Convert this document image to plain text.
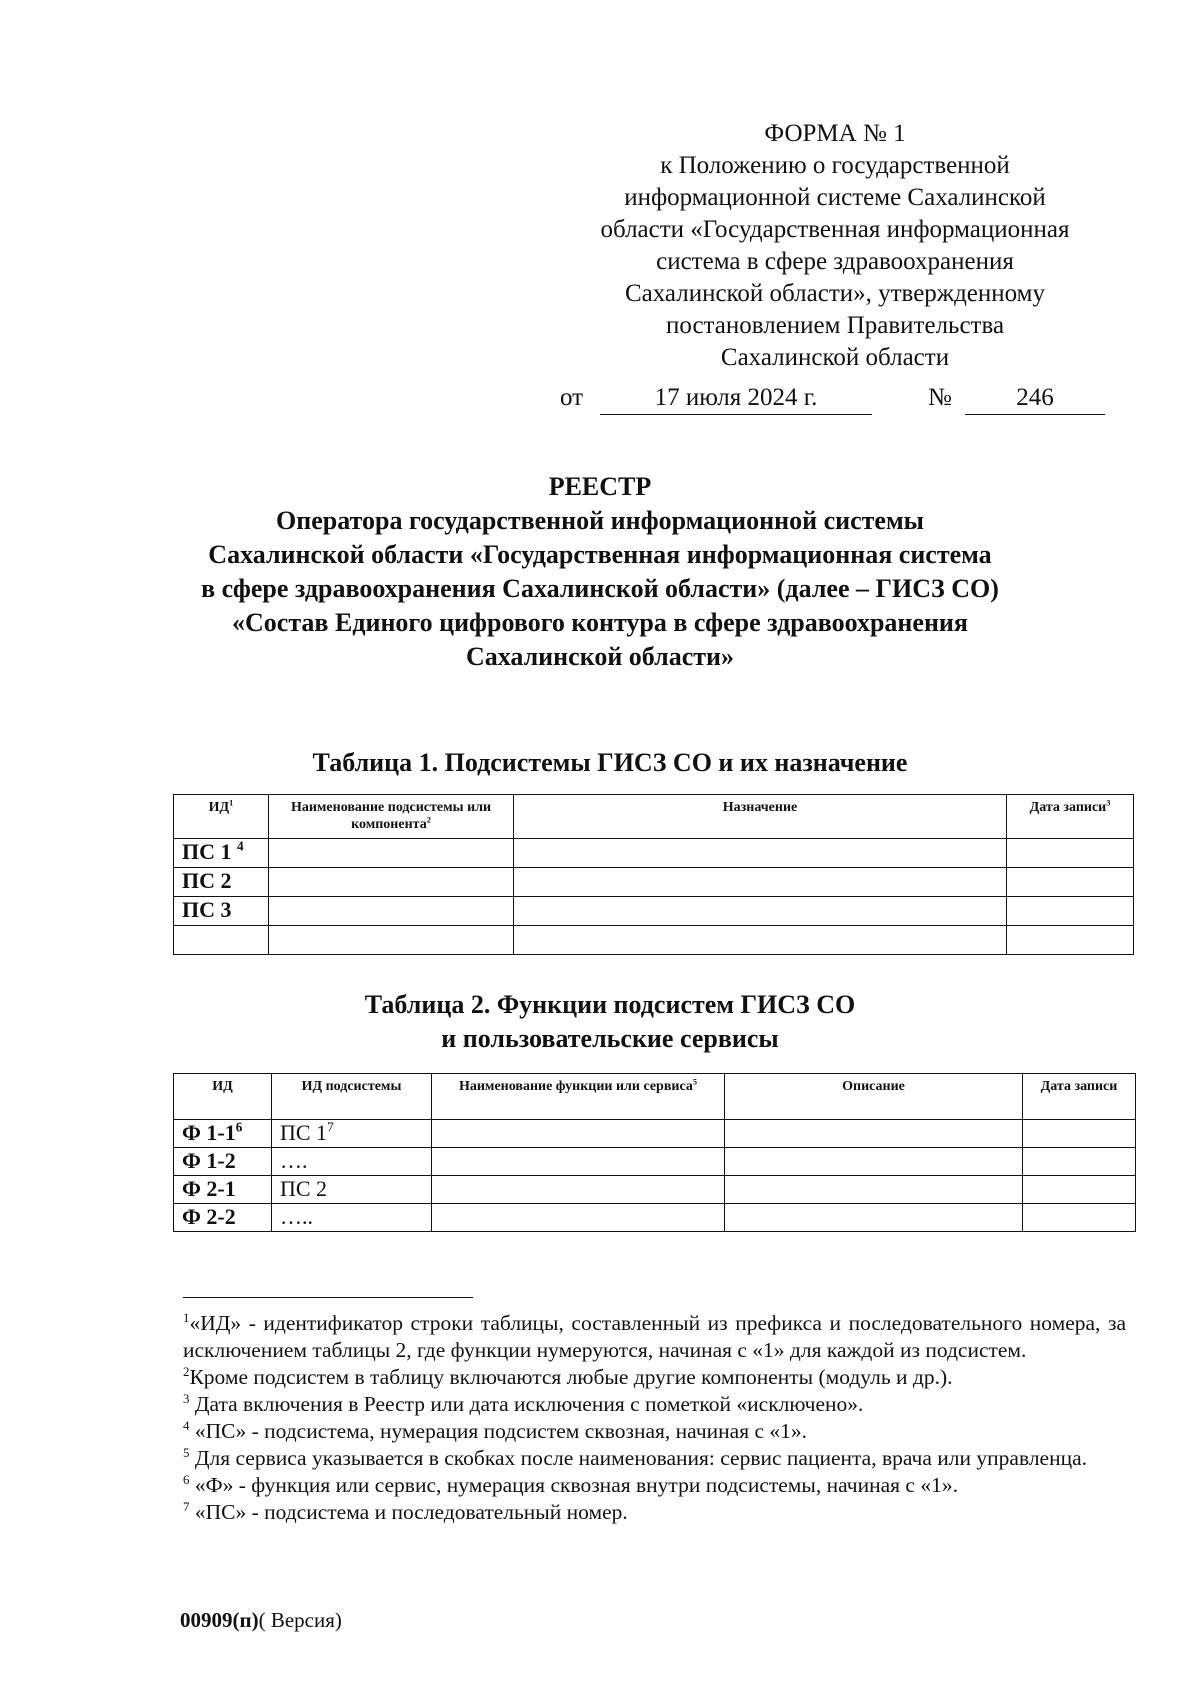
ФОРМА № 1
к Положению о государственной
информационной системе Сахалинской
области «Государственная информационная
система в сфере здравоохранения
Сахалинской области», утвержденному
постановлением Правительства
Сахалинской области
от	17 июля 2024 г.	№	246
РЕЕСТР
Оператора государственной информационной системы
Сахалинской области «Государственная информационная система
в сфере здравоохранения Сахалинской области» (далее – ГИСЗ СО)
«Состав Единого цифрового контура в сфере здравоохранения
Сахалинской области»
Таблица 1. Подсистемы ГИСЗ СО и их назначение
$ИД^1$	Наименование подсистемы или компонента$^2$	Назначение	Дата записи$^3$
ПС 1 $^4$			
ПС 2			
ПС 3			

Таблица 2. Функции подсистем ГИСЗ СО
и пользовательские сервисы
ИД	ИД подсистемы	Наименование функции или сервиса$^5$	Описание	Дата записи
Ф $1-1^6$	ПС $1^7$			
Ф 1-2	….			
Ф 2-1	ПС 2			
Ф 2-2	…..			

$^1$«ИД» - идентификатор строки таблицы, составленный из префикса и последовательного номера, за исключением таблицы 2, где функции нумеруются, начиная с «1» для каждой из подсистем.

$^2$Кроме подсистем в таблицу включаются любые другие компоненты (модуль и др.).

$^3$ Дата включения в Реестр или дата исключения с пометкой «исключено».

$^4$ «ПС» - подсистема, нумерация подсистем сквозная, начиная с «1».

$^5$ Для сервиса указывается в скобках после наименования: сервис пациента, врача или управленца.

$^6$ «Ф» - функция или сервис, нумерация сквозная внутри подсистемы, начиная с «1».

$^7$ «ПС» - подсистема и последовательный номер.

00909(п)( Версия)
